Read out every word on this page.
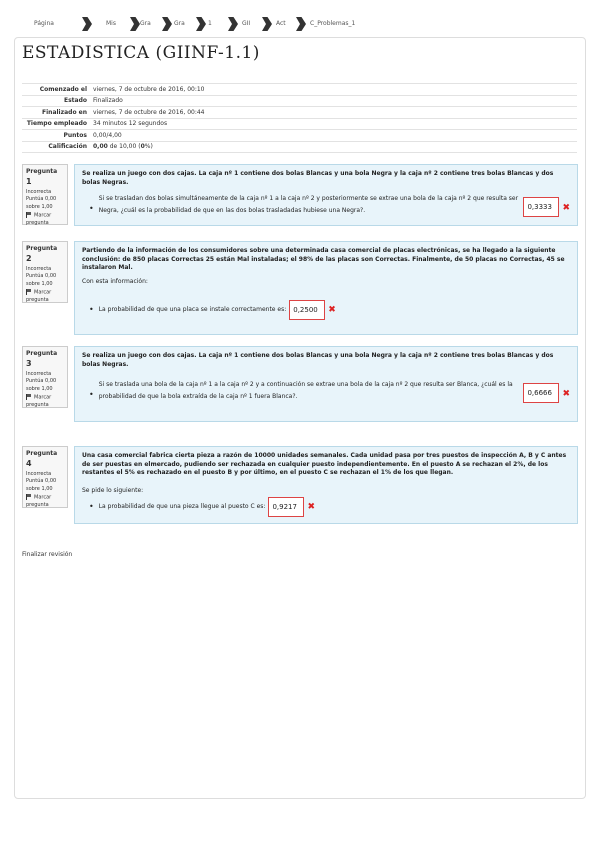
Página	Mis	Gra	Gra	1	GII	Act	C_Problemas_1
ESTADISTICA (GIINF-1.1)
Comenzado el	viernes, 7 de octubre de 2016, 00:10
Estado	Finalizado
Finalizado en	viernes, 7 de octubre de 2016, 00:44
Tiempo empleado	34 minutos 12 segundos
Puntos	0,00/4,00
Calificación	0,00 de 10,00 (0%)
Pregunta 1
Incorrecta
Puntúa 0,00
sobre 1,00
Marcar
pregunta
Se realiza un juego con dos cajas. La caja nº 1 contiene dos bolas Blancas y una bola Negra y la caja nº 2 contiene tres bolas Blancas y dos bolas Negras.
• Si se trasladan dos bolas simultáneamente de la caja nº 1 a la caja nº 2 y posteriormente se extrae una bola de la caja nº 2 que resulta ser Negra, ¿cuál es la probabilidad de que en las dos bolas trasladadas hubiese una Negra?.	0,3333	✖
Pregunta 2
Incorrecta
Puntúa 0,00
sobre 1,00
Marcar
pregunta
Partiendo de la información de los consumidores sobre una determinada casa comercial de placas electrónicas, se ha llegado a la siguiente conclusión: de 850 placas Correctas 25 están Mal instaladas; el 98% de las placas son Correctas. Finalmente, de 50 placas no Correctas, 45 se instalaron Mal.
Con esta información:
• La probabilidad de que una placa se instale correctamente es:	0,2500	✖
Pregunta 3
Incorrecta
Puntúa 0,00
sobre 1,00
Marcar
pregunta
Se realiza un juego con dos cajas. La caja nº 1 contiene dos bolas Blancas y una bola Negra y la caja nº 2 contiene tres bolas Blancas y dos bolas Negras.
• Si se traslada una bola de la caja nº 1 a la caja nº 2 y a continuación se extrae una bola de la caja nº 2 que resulta ser Blanca, ¿cuál es la probabilidad de que la bola extraída de la caja nº 1 fuera Blanca?.	0,6666	✖
Pregunta 4
Incorrecta
Puntúa 0,00
sobre 1,00
Marcar
pregunta
Una casa comercial fabrica cierta pieza a razón de 10000 unidades semanales. Cada unidad pasa por tres puestos de inspección A, B y C antes de ser puestas en elmercado, pudiendo ser rechazada en cualquier puesto independientemente. En el puesto A se rechazan el 2%, de los restantes el 5% es rechazado en el puesto B y por último, en el puesto C se rechazan el 1% de los que llegan.
Se pide lo siguiente:
• La probabilidad de que una pieza llegue al puesto C es:	0,9217	✖
Finalizar revisión
